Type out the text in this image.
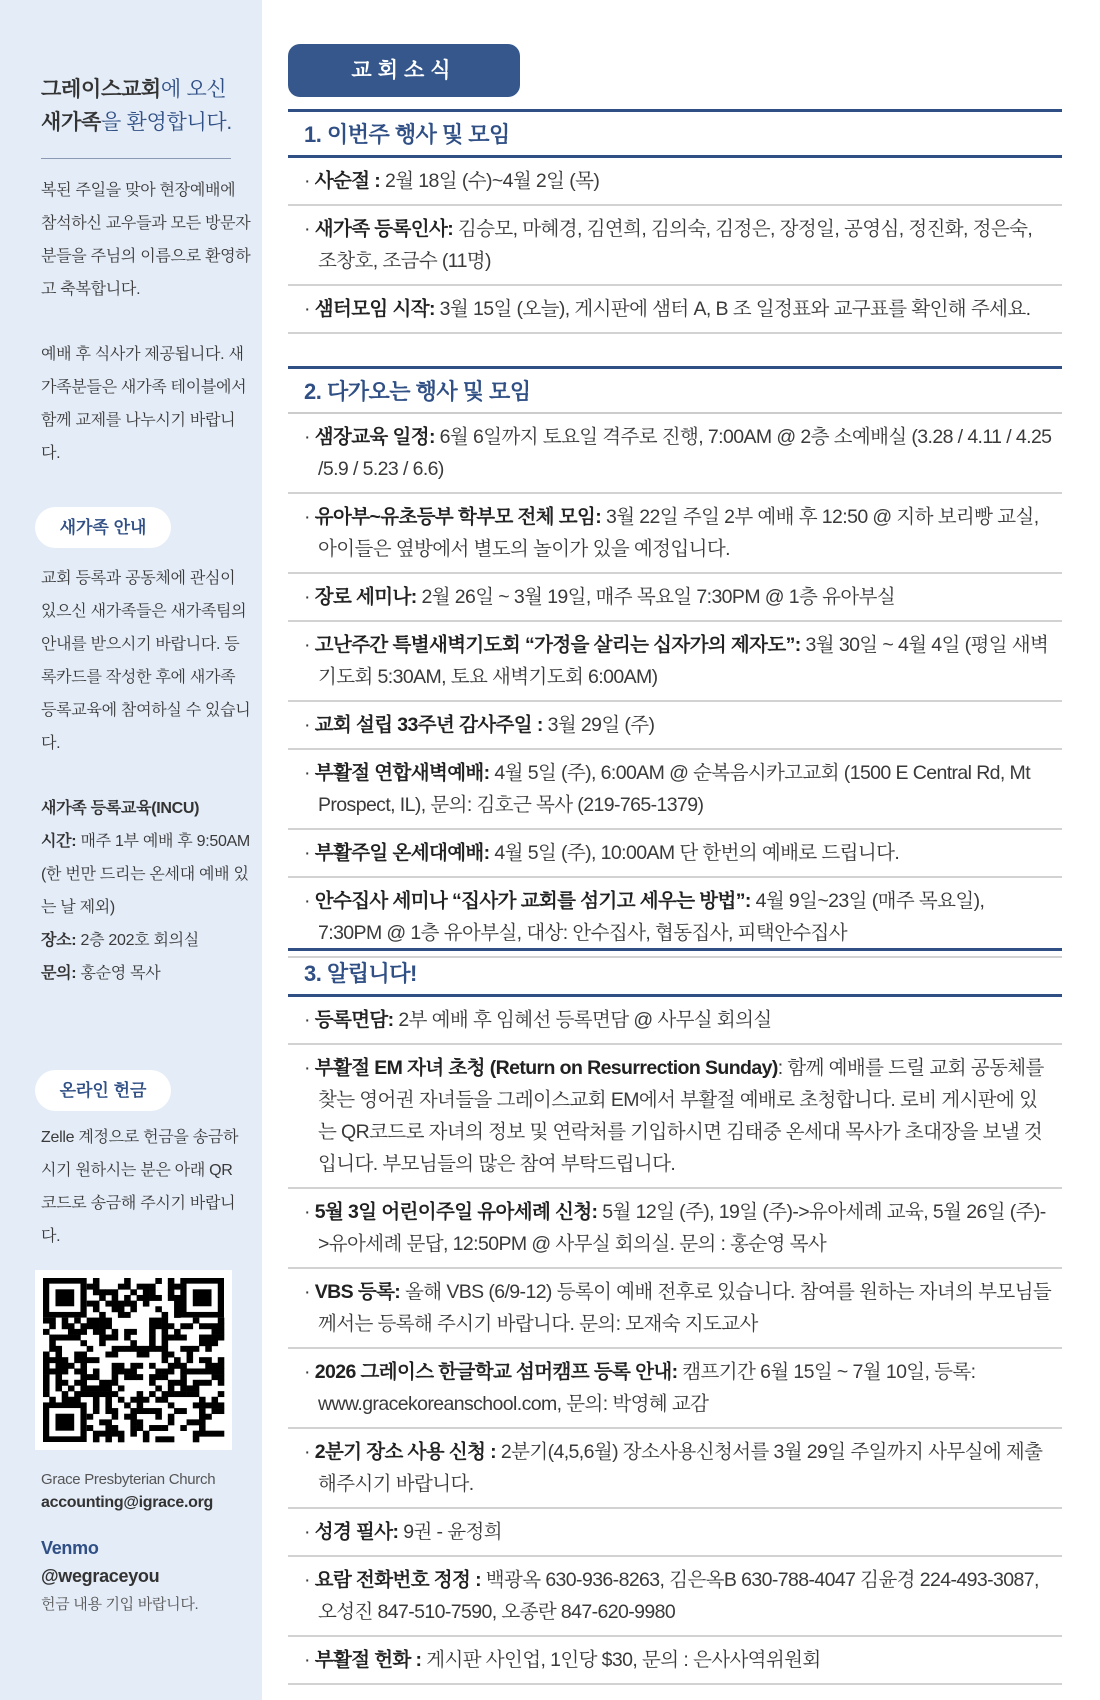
그레이스교회에 오신
새가족을 환영합니다.
복된 주일을 맞아 현장예배에 참석하신 교우들과 모든 방문자분들을 주님의 이름으로 환영하고 축복합니다.
예배 후 식사가 제공됩니다. 새가족분들은 새가족 테이블에서 함께 교제를 나누시기 바랍니다.
새가족 안내
교회 등록과 공동체에 관심이 있으신 새가족들은 새가족팀의 안내를 받으시기 바랍니다. 등록카드를 작성한 후에 새가족 등록교육에 참여하실 수 있습니다.
새가족 등록교육(INCU)
시간: 매주 1부 예배 후 9:50AM (한 번만 드리는 온세대 예배 있는 날 제외)
장소: 2층 202호 회의실
문의: 홍순영 목사
온라인 헌금
Zelle 계정으로 헌금을 송금하시기 원하시는 분은 아래 QR 코드로 송금해 주시기 바랍니다.
Grace Presbyterian Church
accounting@igrace.org
Venmo
@wegraceyou
헌금 내용 기입 바랍니다.
교회소식
1. 이번주 행사 및 모임
· 사순절 : 2월 18일 (수)~4월 2일 (목)
· 새가족 등록인사: 김승모, 마혜경, 김연희, 김의숙, 김정은, 장정일, 공영심, 정진화, 정은숙, 조창호, 조금수 (11명)
· 샘터모임 시작: 3월 15일 (오늘), 게시판에 샘터 A, B 조 일정표와 교구표를 확인해 주세요.
2. 다가오는 행사 및 모임
· 샘장교육 일정: 6월 6일까지 토요일 격주로 진행, 7:00AM @ 2층 소예배실 (3.28 / 4.11 / 4.25 /5.9 / 5.23 / 6.6)
· 유아부~유초등부 학부모 전체 모임: 3월 22일 주일 2부 예배 후 12:50 @ 지하 보리빵 교실, 아이들은 옆방에서 별도의 놀이가 있을 예정입니다.
· 장로 세미나: 2월 26일 ~ 3월 19일, 매주 목요일 7:30PM @ 1층 유아부실
· 고난주간 특별새벽기도회 “가정을 살리는 십자가의 제자도”: 3월 30일 ~ 4월 4일 (평일 새벽기도회 5:30AM, 토요 새벽기도회 6:00AM)
· 교회 설립 33주년 감사주일 : 3월 29일 (주)
· 부활절 연합새벽예배: 4월 5일 (주), 6:00AM @ 순복음시카고교회 (1500 E Central Rd, Mt Prospect, IL), 문의: 김호근 목사 (219-765-1379)
· 부활주일 온세대예배: 4월 5일 (주), 10:00AM 단 한번의 예배로 드립니다.
· 안수집사 세미나 “집사가 교회를 섬기고 세우는 방법”: 4월 9일~23일 (매주 목요일), 7:30PM @ 1층 유아부실, 대상: 안수집사, 협동집사, 피택안수집사
3. 알립니다!
· 등록면담: 2부 예배 후 임혜선 등록면담 @ 사무실 회의실
· 부활절 EM 자녀 초청 (Return on Resurrection Sunday): 함께 예배를 드릴 교회 공동체를 찾는 영어권 자녀들을 그레이스교회 EM에서 부활절 예배로 초청합니다. 로비 게시판에 있는 QR코드로 자녀의 정보 및 연락처를 기입하시면 김태중 온세대 목사가 초대장을 보낼 것입니다. 부모님들의 많은 참여 부탁드립니다.
· 5월 3일 어린이주일 유아세례 신청: 5월 12일 (주), 19일 (주)->유아세례 교육, 5월 26일 (주)->유아세례 문답, 12:50PM @ 사무실 회의실. 문의 : 홍순영 목사
· VBS 등록: 올해 VBS (6/9-12) 등록이 예배 전후로 있습니다. 참여를 원하는 자녀의 부모님들께서는 등록해 주시기 바랍니다. 문의: 모재숙 지도교사
· 2026 그레이스 한글학교 섬머캠프 등록 안내: 캠프기간 6월 15일 ~ 7월 10일, 등록: www.gracekoreanschool.com, 문의: 박영혜 교감
· 2분기 장소 사용 신청 : 2분기(4,5,6월) 장소사용신청서를 3월 29일 주일까지 사무실에 제출해주시기 바랍니다.
· 성경 필사: 9권 - 윤정희
· 요람 전화번호 정정 : 백광옥 630-936-8263, 김은옥B 630-788-4047 김윤경 224-493-3087, 오성진 847-510-7590, 오종란 847-620-9980
· 부활절 헌화 : 게시판 사인업, 1인당 $30, 문의 : 은사사역위원회
